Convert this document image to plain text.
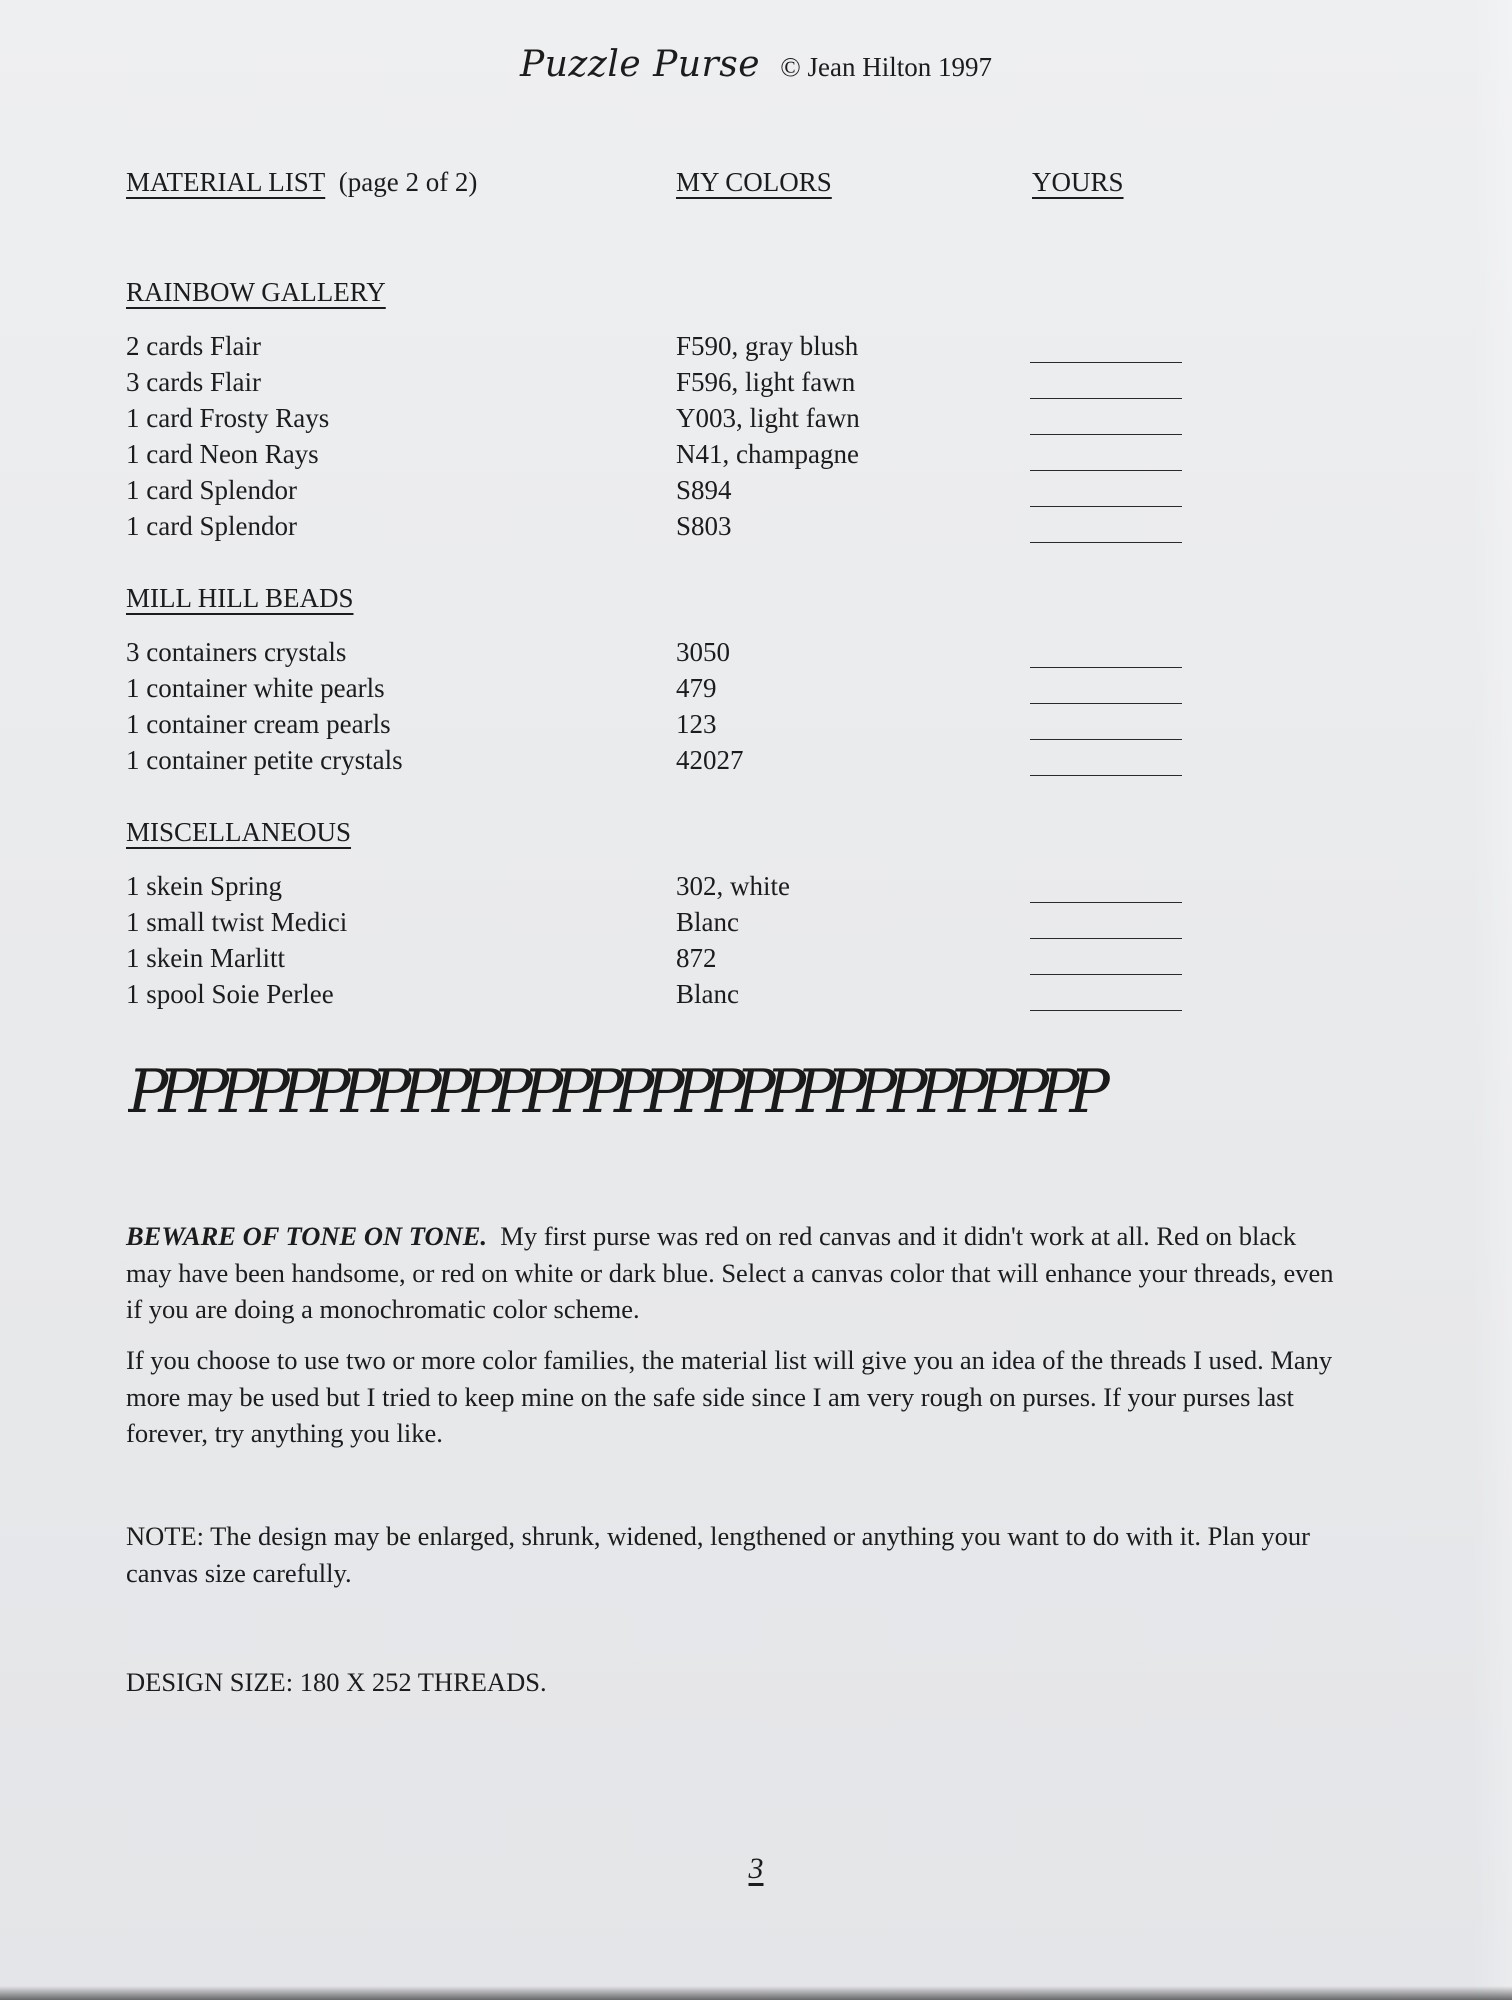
Puzzle Purse © Jean Hilton 1997
MATERIAL LIST (page 2 of 2)	MY COLORS	YOURS
RAINBOW GALLERY
2 cards Flair	F590, gray blush
3 cards Flair	F596, light fawn
1 card Frosty Rays	Y003, light fawn
1 card Neon Rays	N41, champagne
1 card Splendor	S894
1 card Splendor	S803
MILL HILL BEADS
3 containers crystals	3050
1 container white pearls	479
1 container cream pearls	123
1 container petite crystals	42027
MISCELLANEOUS
1 skein Spring	302, white
1 small twist Medici	Blanc
1 skein Marlitt	872
1 spool Soie Perlee	Blanc
PPPPPPPPPPPPPPPPPPPPPPPPPPPPPPPP
BEWARE OF TONE ON TONE. My first purse was red on red canvas and it didn't work at all. Red on black may have been handsome, or red on white or dark blue. Select a canvas color that will enhance your threads, even if you are doing a monochromatic color scheme.
If you choose to use two or more color families, the material list will give you an idea of the threads I used. Many more may be used but I tried to keep mine on the safe side since I am very rough on purses. If your purses last forever, try anything you like.
NOTE: The design may be enlarged, shrunk, widened, lengthened or anything you want to do with it. Plan your canvas size carefully.
DESIGN SIZE: 180 X 252 THREADS.
3
